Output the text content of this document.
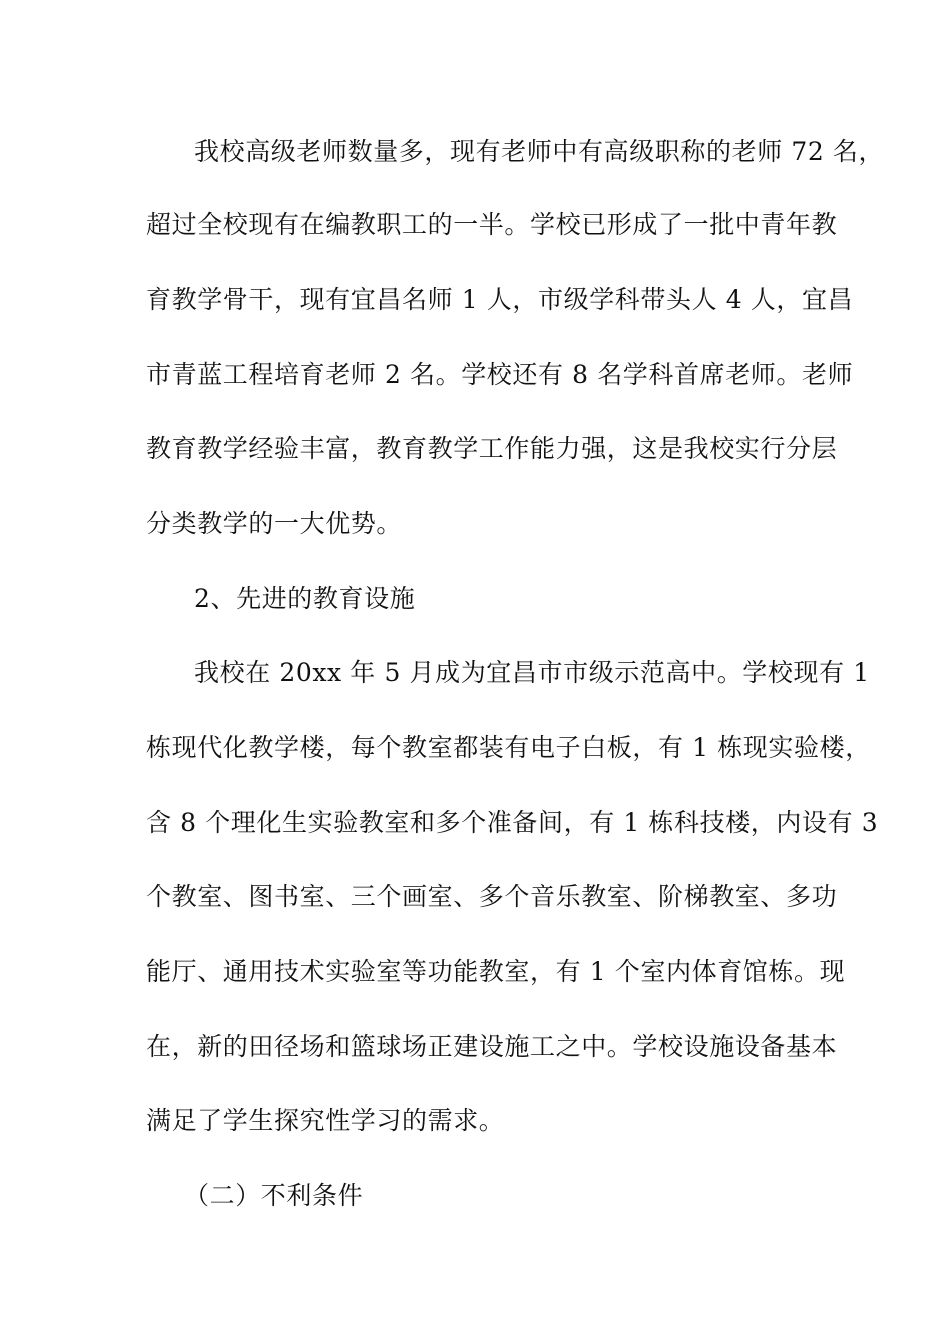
我校高级老师数量多，现有老师中有高级职称的老师 72 名，
超过全校现有在编教职工的一半。学校已形成了一批中青年教
育教学骨干，现有宜昌名师 1 人，市级学科带头人 4 人，宜昌
市青蓝工程培育老师 2 名。学校还有 8 名学科首席老师。老师
教育教学经验丰富，教育教学工作能力强，这是我校实行分层
分类教学的一大优势。
2、先进的教育设施
我校在 20xx 年 5 月成为宜昌市市级示范高中。学校现有 1
栋现代化教学楼，每个教室都装有电子白板，有 1 栋现实验楼，
含 8 个理化生实验教室和多个准备间，有 1 栋科技楼，内设有 3
个教室、图书室、三个画室、多个音乐教室、阶梯教室、多功
能厅、通用技术实验室等功能教室，有 1 个室内体育馆栋。现
在，新的田径场和篮球场正建设施工之中。学校设施设备基本
满足了学生探究性学习的需求。
（二）不利条件
